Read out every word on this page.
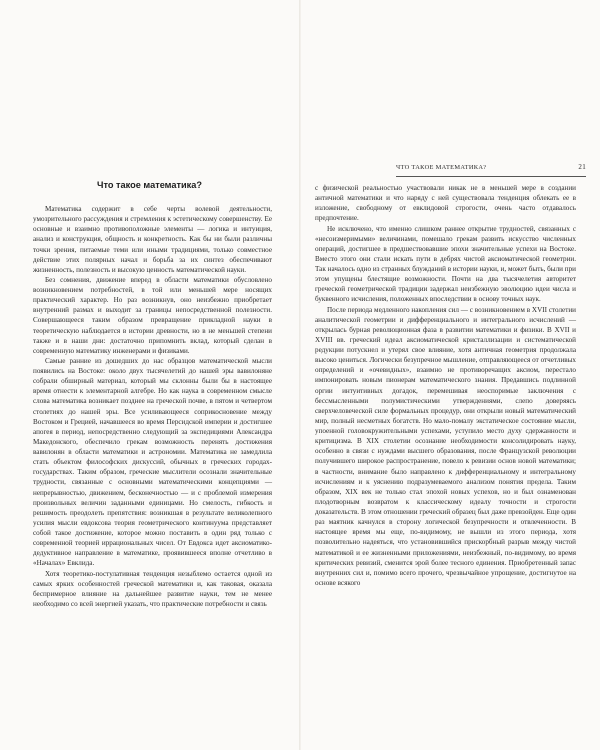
Что такое математика?

Математика содержит в себе черты волевой деятельности, умозрительного рассуждения и стремления к эстетическому совершенству. Ее основные и взаимно противоположные элементы — логика и интуиция, анализ и конструкция, общность и конкретность. Как бы ни были различны точки зрения, питаемые теми или иными традициями, только совместное действие этих полярных начал и борьба за их синтез обеспечивают жизненность, полезность и высокую ценность математической науки.

Без сомнения, движение вперед в области математики обусловлено возникновением потребностей, в той или меньшей мере носящих практический характер. Но раз возникнув, оно неизбежно приобретает внутренний размах и выходит за границы непосредственной полезности. Совершающееся таким образом превращение прикладной науки в теоретическую наблюдается в истории древности, но в не меньшей степени также и в наши дни: достаточно припомнить вклад, который сделан в современную математику инженерами и физиками.

Самые ранние из дошедших до нас образцов математической мысли появились на Востоке: около двух тысячелетий до нашей эры вавилоняне собрали обширный материал, который мы склонны были бы в настоящее время отнести к элементарной алгебре. Но как наука в современном смысле слова математика возникает позднее на греческой почве, в пятом и четвертом столетиях до нашей эры. Все усиливающееся соприкосновение между Востоком и Грецией, начавшееся во время Персидской империи и достигшее апогея в период, непосредственно следующий за экспедициями Александра Македонского, обеспечило грекам возможность перенять достижения вавилонян в области математики и астрономии. Математика не замедлила стать объектом философских дискуссий, обычных в греческих городах-государствах. Таким образом, греческие мыслители осознали значительные трудности, связанные с основными математическими концепциями — непрерывностью, движением, бесконечностью — и с проблемой измерения произвольных величин заданными единицами. Но смелость, гибкость и решимость преодолеть препятствия: возникшая в результате великолепного усилия мысли евдоксова теория геометрического континуума представляет собой такое достижение, которое можно поставить в один ряд только с современной теорией иррациональных чисел. От Евдокса идет аксиоматико-дедуктивное направление в математике, проявившееся вполне отчетливо в «Началах» Евклида.

Хотя теоретико-постулативная тенденция незыблемо остается одной из самых ярких особенностей греческой математики и, как таковая, оказала беспримерное влияние на дальнейшее развитие науки, тем не менее необходимо со всей энергией указать, что практические потребности и связь

ЧТО ТАКОЕ МАТЕМАТИКА?	21

с физической реальностью участвовали никак не в меньшей мере в создании античной математики и что наряду с ней существовала тенденция облекать ее в изложение, свободному от евклидовой строгости, очень часто отдавалось предпочтение.

Не исключено, что именно слишком раннее открытие трудностей, связанных с «несоизмеримыми» величинами, помешало грекам развить искусство численных операций, достигшее в предшествовавшие эпохи значительные успехи на Востоке. Вместо этого они стали искать пути в дебрях чистой аксиоматической геометрии. Так началось одно из странных блужданий в истории науки, и, может быть, были при этом упущены блестящие возможности. Почти на два тысячелетия авторитет греческой геометрической традиции задержал неизбежную эволюцию идеи числа и буквенного исчисления, положенных впоследствии в основу точных наук.

После периода медленного накопления сил — с возникновением в XVII столетии аналитической геометрии и дифференциального и интегрального исчислений — открылась бурная революционная фаза в развитии математики и физики. В XVII и XVIII вв. греческий идеал аксиоматической кристаллизации и систематической редукции потускнел и утерял свое влияние, хотя античная геометрия продолжала высоко цениться. Логически безупречное мышление, отправляющееся от отчетливых определений и «очевидных», взаимно не противоречащих аксиом, перестало импонировать новым пионерам математического знания. Предавшись подлинной оргии интуитивных догадок, перемешивая неоспоримые заключения с бессмысленными полумистическими утверждениями, слепо доверяясь сверхчеловеческой силе формальных процедур, они открыли новый математический мир, полный несметных богатств. Но мало-помалу экстатическое состояние мысли, упоенной головокружительными успехами, уступило место духу сдержанности и критицизма. В XIX столетии осознание необходимости консолидировать науку, особенно в связи с нуждами высшего образования, после Французской революции получившего широкое распространение, повело к ревизии основ новой математики; в частности, внимание было направлено к дифференциальному и интегральному исчислениям и к уяснению подразумеваемого анализом понятия предела. Таким образом, XIX век не только стал эпохой новых успехов, но и был ознаменован плодотворным возвратом к классическому идеалу точности и строгости доказательств. В этом отношении греческий образец был даже превзойден. Еще один раз маятник качнулся в сторону логической безупречности и отвлеченности. В настоящее время мы еще, по-видимому, не вышли из этого периода, хотя позволительно надеяться, что установившийся прискорбный разрыв между чистой математикой и ее жизненными приложениями, неизбежный, по-видимому, во время критических ревизий, сменится эрой более тесного единения. Приобретенный запас внутренних сил и, помимо всего прочего, чрезвычайное упрощение, достигнутое на основе всякого
